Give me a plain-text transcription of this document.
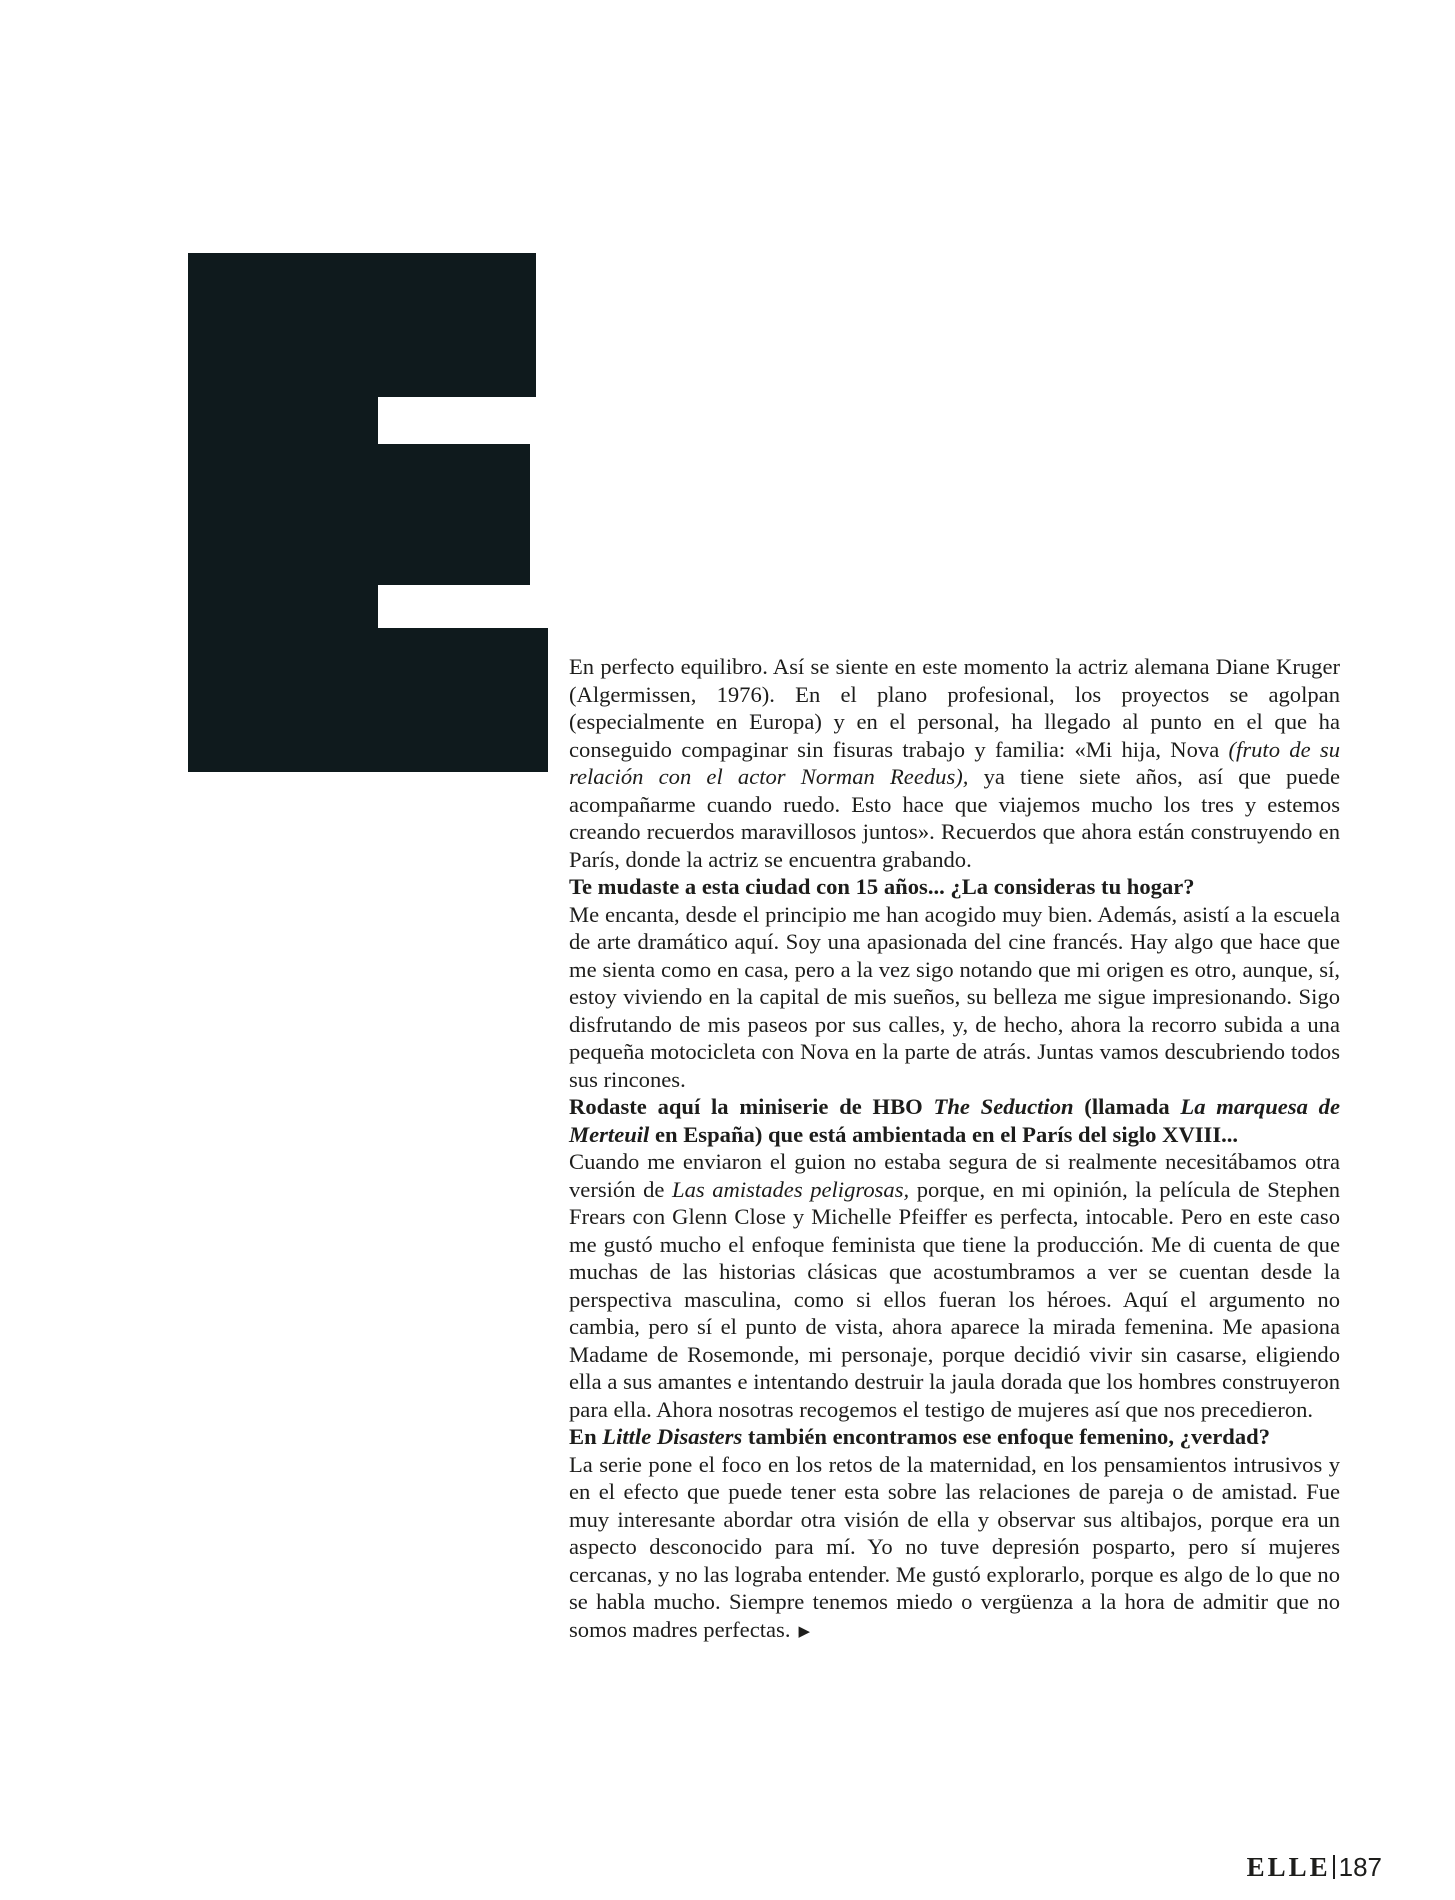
En perfecto equilibro. Así se siente en este momento la actriz alemana Diane Kruger (Algermissen, 1976). En el plano profesional, los proyectos se agolpan (especialmente en Europa) y en el personal, ha llegado al punto en el que ha conseguido compaginar sin fisuras trabajo y familia: «Mi hija, Nova (fruto de su relación con el actor Norman Reedus), ya tiene siete años, así que puede acompañarme cuando ruedo. Esto hace que viajemos mucho los tres y estemos creando recuerdos maravillosos juntos». Recuerdos que ahora están construyendo en París, donde la actriz se encuentra grabando.

Te mudaste a esta ciudad con 15 años... ¿La consideras tu hogar?

Me encanta, desde el principio me han acogido muy bien. Además, asistí a la escuela de arte dramático aquí. Soy una apasionada del cine francés. Hay algo que hace que me sienta como en casa, pero a la vez sigo notando que mi origen es otro, aunque, sí, estoy viviendo en la capital de mis sueños, su belleza me sigue impresionando. Sigo disfrutando de mis paseos por sus calles, y, de hecho, ahora la recorro subida a una pequeña motocicleta con Nova en la parte de atrás. Juntas vamos descubriendo todos sus rincones.

Rodaste aquí la miniserie de HBO The Seduction (llamada La marquesa de Merteuil en España) que está ambientada en el París del siglo XVIII...

Cuando me enviaron el guion no estaba segura de si realmente necesitábamos otra versión de Las amistades peligrosas, porque, en mi opinión, la película de Stephen Frears con Glenn Close y Michelle Pfeiffer es perfecta, intocable. Pero en este caso me gustó mucho el enfoque feminista que tiene la producción. Me di cuenta de que muchas de las historias clásicas que acostumbramos a ver se cuentan desde la perspectiva masculina, como si ellos fueran los héroes. Aquí el argumento no cambia, pero sí el punto de vista, ahora aparece la mirada femenina. Me apasiona Madame de Rosemonde, mi personaje, porque decidió vivir sin casarse, eligiendo ella a sus amantes e intentando destruir la jaula dorada que los hombres construyeron para ella. Ahora nosotras recogemos el testigo de mujeres así que nos precedieron.

En Little Disasters también encontramos ese enfoque femenino, ¿verdad?

La serie pone el foco en los retos de la maternidad, en los pensamientos intrusivos y en el efecto que puede tener esta sobre las relaciones de pareja o de amistad. Fue muy interesante abordar otra visión de ella y observar sus altibajos, porque era un aspecto desconocido para mí. Yo no tuve depresión posparto, pero sí mujeres cercanas, y no las lograba entender. Me gustó explorarlo, porque es algo de lo que no se habla mucho. Siempre tenemos miedo o vergüenza a la hora de admitir que no somos madres perfectas. ▶

ELLE 187
